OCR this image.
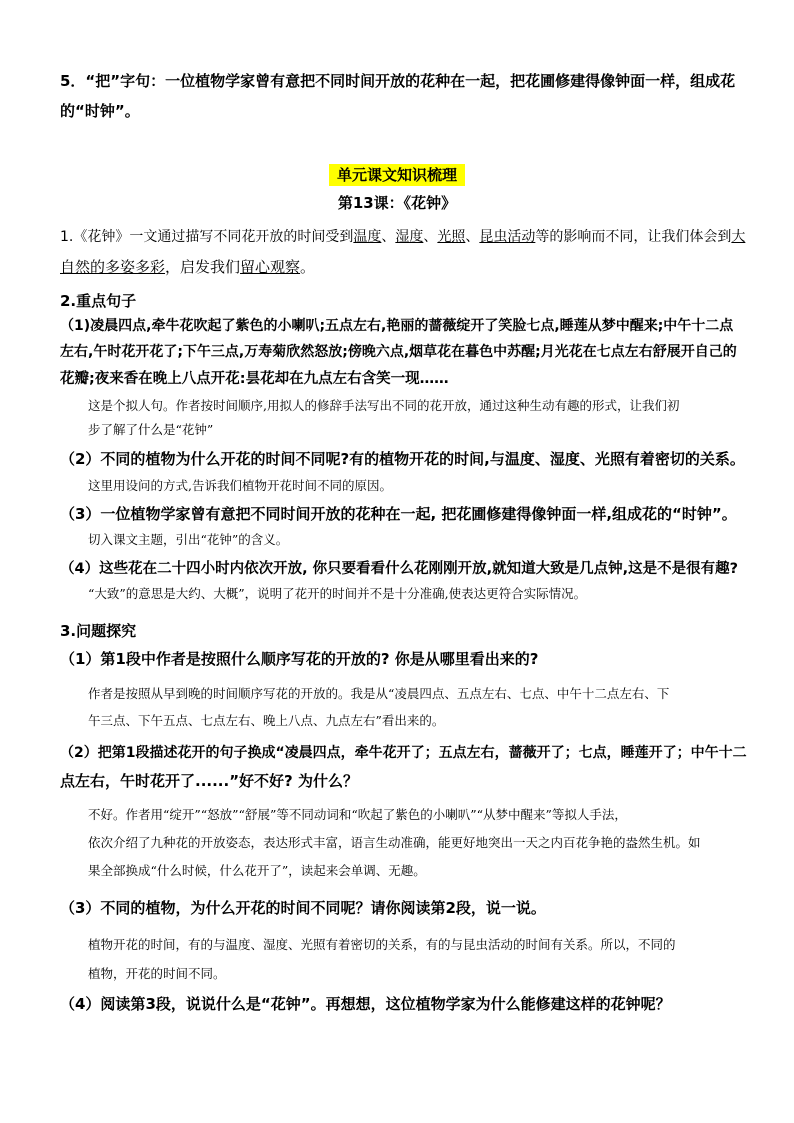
5．“把”字句：一位植物学家曾有意把不同时间开放的花种在一起，把花圃修建得像钟面一样，组成花

的“时钟”。

单元课文知识梳理
第13课：《花钟》

1.《花钟》一文通过描写不同花开放的时间受到温度、湿度、光照、昆虫活动等的影响而不同，让我们体会到大

自然的多姿多彩，启发我们留心观察。

2.重点句子

（1)凌晨四点,牵牛花吹起了紫色的小喇叭;五点左右,艳丽的蔷薇绽开了笑脸七点,睡莲从梦中醒来;中午十二点

左右,午时花开花了;下午三点,万寿菊欣然怒放;傍晚六点,烟草花在暮色中苏醒;月光花在七点左右舒展开自己的

花瓣;夜来香在晚上八点开花:昙花却在九点左右含笑一现……

这是个拟人句。作者按时间顺序,用拟人的修辞手法写出不同的花开放，通过这种生动有趣的形式，让我们初

步了解了什么是“花钟”

（2）不同的植物为什么开花的时间不同呢?有的植物开花的时间,与温度、湿度、光照有着密切的关系。

这里用设问的方式,告诉我们植物开花时间不同的原因。

（3）一位植物学家曾有意把不同时间开放的花种在一起, 把花圃修建得像钟面一样,组成花的“时钟”。

切入课文主题，引出“花钟”的含义。

（4）这些花在二十四小时内依次开放, 你只要看看什么花刚刚开放,就知道大致是几点钟,这是不是很有趣?

“大致”的意思是大约、大概”，说明了花开的时间并不是十分准确,使表达更符合实际情况。

3.问题探究

（1）第1段中作者是按照什么顺序写花的开放的? 你是从哪里看出来的?

作者是按照从早到晚的时间顺序写花的开放的。我是从“凌晨四点、五点左右、七点、中午十二点左右、下

午三点、下午五点、七点左右、晚上八点、九点左右”看出来的。

（2）把第1段描述花开的句子换成“凌晨四点，牵牛花开了；五点左右，蔷薇开了；七点，睡莲开了；中午十二

点左右，午时花开了......”好不好? 为什么？

不好。作者用“绽开”“怒放”“舒展”等不同动词和“吹起了紫色的小喇叭”“从梦中醒来”等拟人手法，

依次介绍了九种花的开放姿态，表达形式丰富，语言生动准确，能更好地突出一天之内百花争艳的盎然生机。如

果全部换成“什么时候，什么花开了”，读起来会单调、无趣。

（3）不同的植物，为什么开花的时间不同呢？请你阅读第2段，说一说。

植物开花的时间，有的与温度、湿度、光照有着密切的关系，有的与昆虫活动的时间有关系。所以，不同的

植物，开花的时间不同。

（4）阅读第3段，说说什么是“花钟”。再想想，这位植物学家为什么能修建这样的花钟呢？
